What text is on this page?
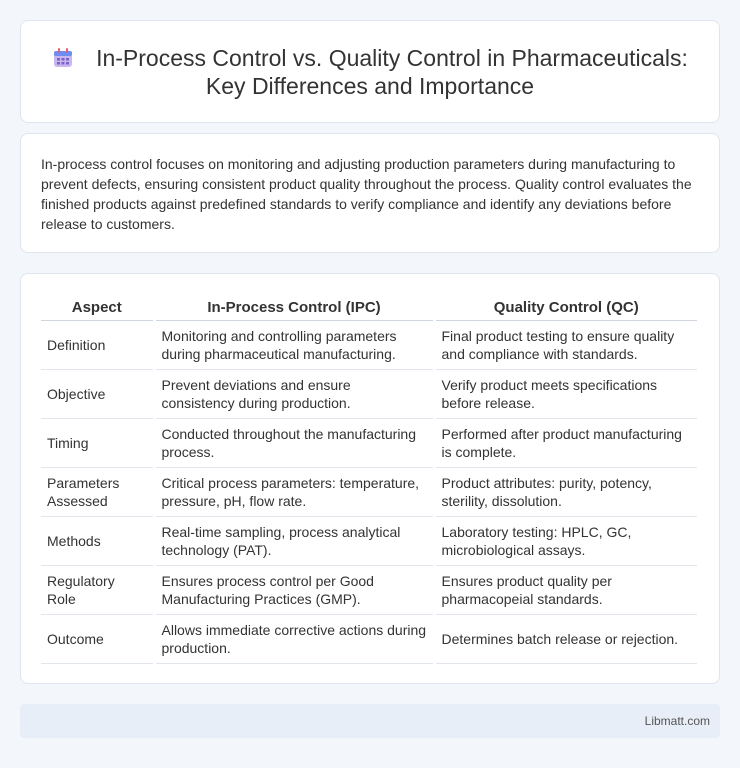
In-Process Control vs. Quality Control in Pharmaceuticals: Key Differences and Importance

In-process control focuses on monitoring and adjusting production parameters during manufacturing to prevent defects, ensuring consistent product quality throughout the process. Quality control evaluates the finished products against predefined standards to verify compliance and identify any deviations before release to customers.

Aspect	In-Process Control (IPC)	Quality Control (QC)
Definition	Monitoring and controlling parameters during pharmaceutical manufacturing.	Final product testing to ensure quality and compliance with standards.
Objective	Prevent deviations and ensure consistency during production.	Verify product meets specifications before release.
Timing	Conducted throughout the manufacturing process.	Performed after product manufacturing is complete.
Parameters Assessed	Critical process parameters: temperature, pressure, pH, flow rate.	Product attributes: purity, potency, sterility, dissolution.
Methods	Real-time sampling, process analytical technology (PAT).	Laboratory testing: HPLC, GC, microbiological assays.
Regulatory Role	Ensures process control per Good Manufacturing Practices (GMP).	Ensures product quality per pharmacopeial standards.
Outcome	Allows immediate corrective actions during production.	Determines batch release or rejection.
Libmatt.com
